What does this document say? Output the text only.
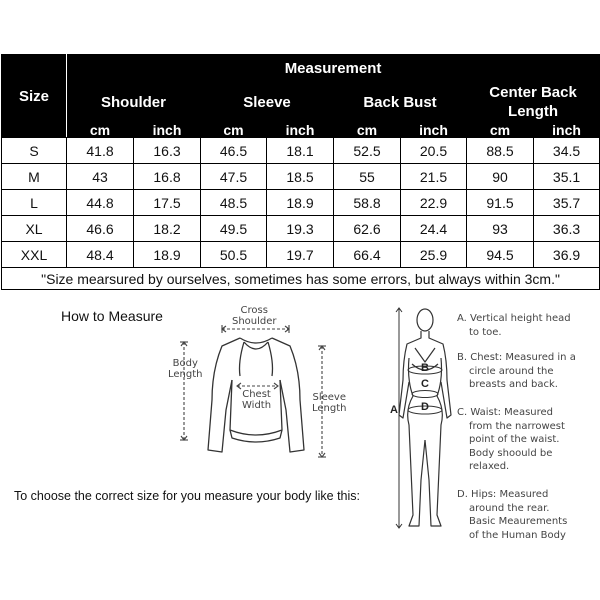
Size	Measurement							
	Shoulder		Sleeve		Back Bust		Center Back Length	
	cm	inch	cm	inch	cm	inch	cm	inch
S	41.8	16.3	46.5	18.1	52.5	20.5	88.5	34.5
M	43	16.8	47.5	18.5	55	21.5	90	35.1
L	44.8	17.5	48.5	18.9	58.8	22.9	91.5	35.7
XL	46.6	18.2	49.5	19.3	62.6	24.4	93	36.3
XXL	48.4	18.9	50.5	19.7	66.4	25.9	94.5	36.9
"Size mearsured by ourselves, sometimes has some errors, but always within 3cm."								
How to Measure	Cross
Shoulder
Body
Length
Chest
Width
Sleeve
Length
To choose the correct size for you measure your body like this:
A
B
C
D
A. Vertical height head
to toe.
B. Chest: Measured in a
circle around the
breasts and back.
C. Waist: Measured
from the narrowest
point of the waist.
Body shoould be
relaxed.
D. Hips: Measured
around the rear.
Basic Meaurements
of the Human Body
